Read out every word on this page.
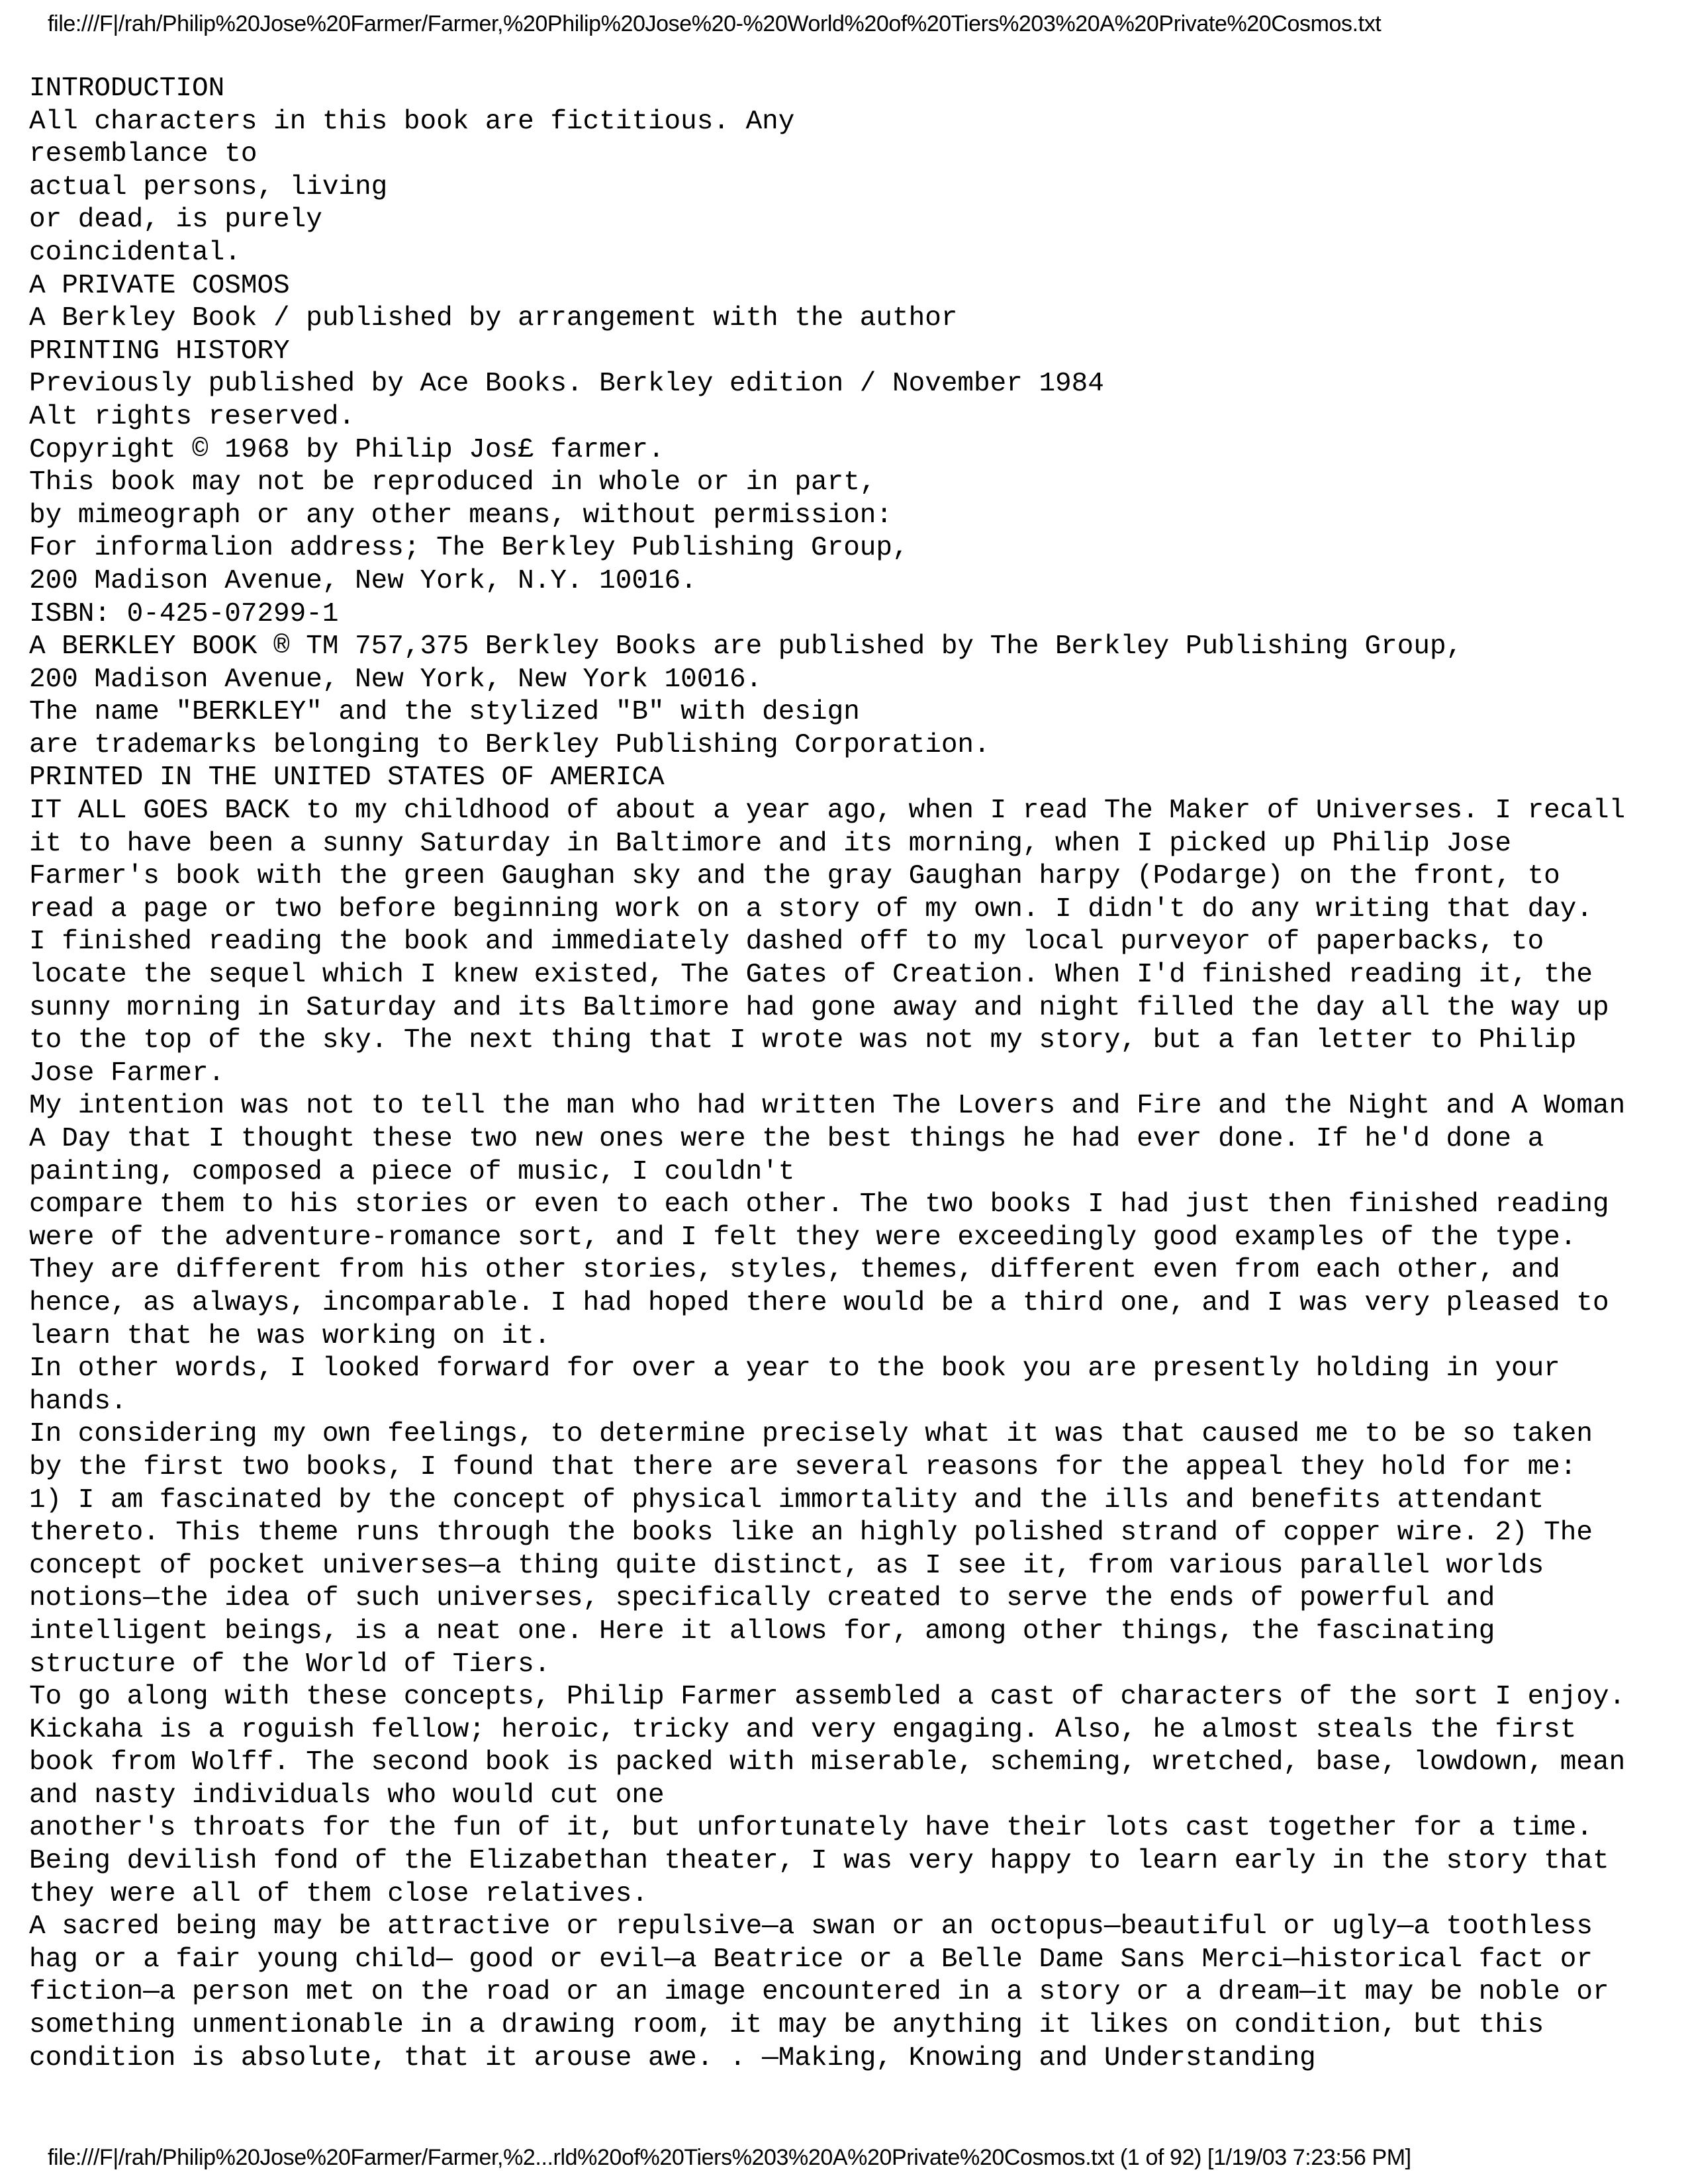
file:///F|/rah/Philip%20Jose%20Farmer/Farmer,%20Philip%20Jose%20-%20World%20of%20Tiers%203%20A%20Private%20Cosmos.txt
INTRODUCTION
All characters in this book are fictitious. Any
resemblance to
actual persons, living
or dead, is purely
coincidental.
A PRIVATE COSMOS
A Berkley Book / published by arrangement with the author
PRINTING HISTORY
Previously published by Ace Books. Berkley edition / November 1984
Alt rights reserved.
Copyright © 1968 by Philip Jos£ farmer.
This book may not be reproduced in whole or in part,
by mimeograph or any other means, without permission:
For informalion address; The Berkley Publishing Group,
200 Madison Avenue, New York, N.Y. 10016.
ISBN: 0-425-07299-1
A BERKLEY BOOK ® TM 757,375 Berkley Books are published by The Berkley Publishing Group,
200 Madison Avenue, New York, New York 10016.
The name "BERKLEY" and the stylized "B" with design
are trademarks belonging to Berkley Publishing Corporation.
PRINTED IN THE UNITED STATES OF AMERICA
IT ALL GOES BACK to my childhood of about a year ago, when I read The Maker of Universes. I recall
it to have been a sunny Saturday in Baltimore and its morning, when I picked up Philip Jose
Farmer's book with the green Gaughan sky and the gray Gaughan harpy (Podarge) on the front, to
read a page or two before beginning work on a story of my own. I didn't do any writing that day.
I finished reading the book and immediately dashed off to my local purveyor of paperbacks, to
locate the sequel which I knew existed, The Gates of Creation. When I'd finished reading it, the
sunny morning in Saturday and its Baltimore had gone away and night filled the day all the way up
to the top of the sky. The next thing that I wrote was not my story, but a fan letter to Philip
Jose Farmer.
My intention was not to tell the man who had written The Lovers and Fire and the Night and A Woman
A Day that I thought these two new ones were the best things he had ever done. If he'd done a
painting, composed a piece of music, I couldn't
compare them to his stories or even to each other. The two books I had just then finished reading
were of the adventure-romance sort, and I felt they were exceedingly good examples of the type.
They are different from his other stories, styles, themes, different even from each other, and
hence, as always, incomparable. I had hoped there would be a third one, and I was very pleased to
learn that he was working on it.
In other words, I looked forward for over a year to the book you are presently holding in your
hands.
In considering my own feelings, to determine precisely what it was that caused me to be so taken
by the first two books, I found that there are several reasons for the appeal they hold for me:
1) I am fascinated by the concept of physical immortality and the ills and benefits attendant
thereto. This theme runs through the books like an highly polished strand of copper wire. 2) The
concept of pocket universes—a thing quite distinct, as I see it, from various parallel worlds
notions—the idea of such universes, specifically created to serve the ends of powerful and
intelligent beings, is a neat one. Here it allows for, among other things, the fascinating
structure of the World of Tiers.
To go along with these concepts, Philip Farmer assembled a cast of characters of the sort I enjoy.
Kickaha is a roguish fellow; heroic, tricky and very engaging. Also, he almost steals the first
book from Wolff. The second book is packed with miserable, scheming, wretched, base, lowdown, mean
and nasty individuals who would cut one
another's throats for the fun of it, but unfortunately have their lots cast together for a time.
Being devilish fond of the Elizabethan theater, I was very happy to learn early in the story that
they were all of them close relatives.
A sacred being may be attractive or repulsive—a swan or an octopus—beautiful or ugly—a toothless
hag or a fair young child— good or evil—a Beatrice or a Belle Dame Sans Merci—historical fact or
fiction—a person met on the road or an image encountered in a story or a dream—it may be noble or
something unmentionable in a drawing room, it may be anything it likes on condition, but this
condition is absolute, that it arouse awe. . —Making, Knowing and Understanding
file:///F|/rah/Philip%20Jose%20Farmer/Farmer,%2...rld%20of%20Tiers%203%20A%20Private%20Cosmos.txt (1 of 92) [1/19/03 7:23:56 PM]
